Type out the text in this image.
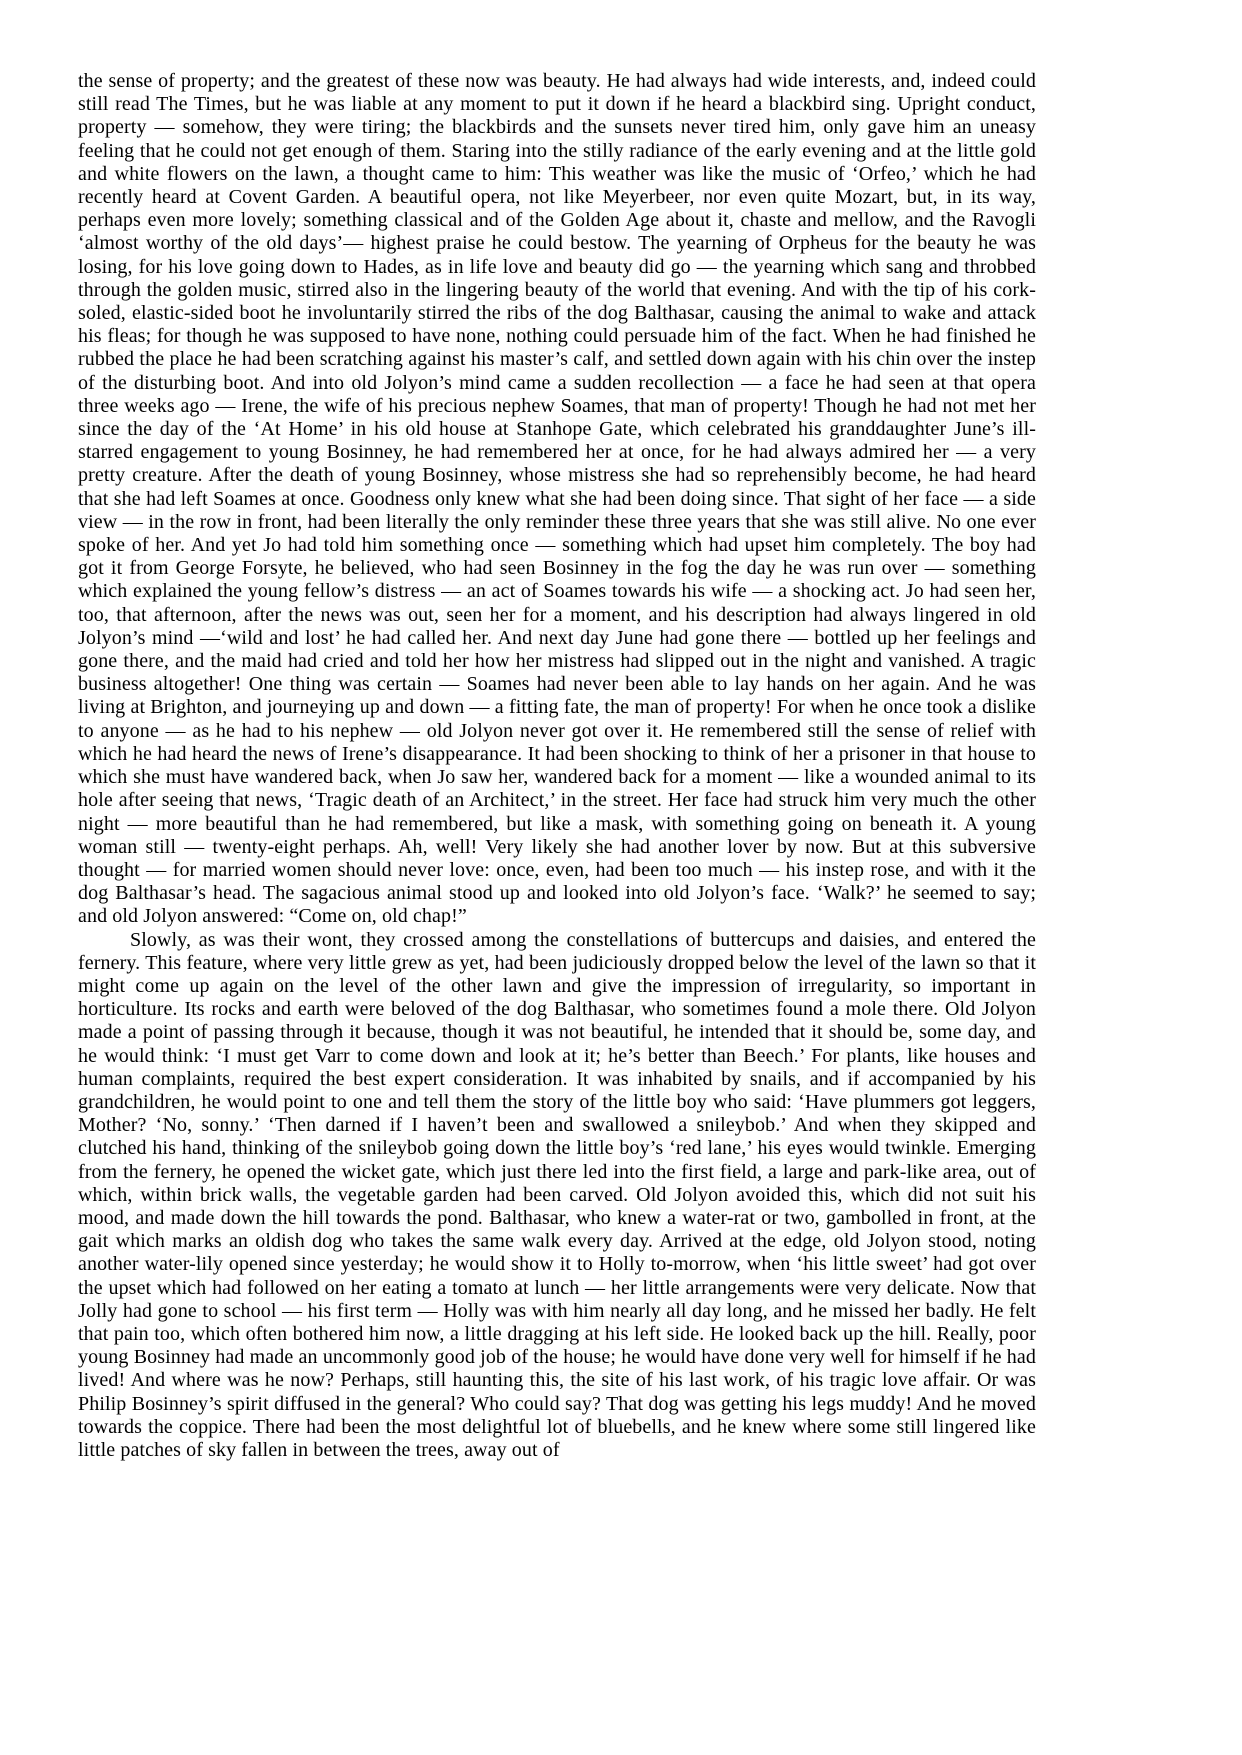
the sense of property; and the greatest of these now was beauty. He had always had wide interests, and, indeed could still read The Times, but he was liable at any moment to put it down if he heard a blackbird sing. Upright conduct, property — somehow, they were tiring; the blackbirds and the sunsets never tired him, only gave him an uneasy feeling that he could not get enough of them. Staring into the stilly radiance of the early evening and at the little gold and white flowers on the lawn, a thought came to him: This weather was like the music of ‘Orfeo,’ which he had recently heard at Covent Garden. A beautiful opera, not like Meyerbeer, nor even quite Mozart, but, in its way, perhaps even more lovely; something classical and of the Golden Age about it, chaste and mellow, and the Ravogli ‘almost worthy of the old days’— highest praise he could bestow. The yearning of Orpheus for the beauty he was losing, for his love going down to Hades, as in life love and beauty did go — the yearning which sang and throbbed through the golden music, stirred also in the lingering beauty of the world that evening. And with the tip of his cork-soled, elastic-sided boot he involuntarily stirred the ribs of the dog Balthasar, causing the animal to wake and attack his fleas; for though he was supposed to have none, nothing could persuade him of the fact. When he had finished he rubbed the place he had been scratching against his master’s calf, and settled down again with his chin over the instep of the disturbing boot. And into old Jolyon’s mind came a sudden recollection — a face he had seen at that opera three weeks ago — Irene, the wife of his precious nephew Soames, that man of property! Though he had not met her since the day of the ‘At Home’ in his old house at Stanhope Gate, which celebrated his granddaughter June’s ill-starred engagement to young Bosinney, he had remembered her at once, for he had always admired her — a very pretty creature. After the death of young Bosinney, whose mistress she had so reprehensibly become, he had heard that she had left Soames at once. Goodness only knew what she had been doing since. That sight of her face — a side view — in the row in front, had been literally the only reminder these three years that she was still alive. No one ever spoke of her. And yet Jo had told him something once — something which had upset him completely. The boy had got it from George Forsyte, he believed, who had seen Bosinney in the fog the day he was run over — something which explained the young fellow’s distress — an act of Soames towards his wife — a shocking act. Jo had seen her, too, that afternoon, after the news was out, seen her for a moment, and his description had always lingered in old Jolyon’s mind —‘wild and lost’ he had called her. And next day June had gone there — bottled up her feelings and gone there, and the maid had cried and told her how her mistress had slipped out in the night and vanished. A tragic business altogether! One thing was certain — Soames had never been able to lay hands on her again. And he was living at Brighton, and journeying up and down — a fitting fate, the man of property! For when he once took a dislike to anyone — as he had to his nephew — old Jolyon never got over it. He remembered still the sense of relief with which he had heard the news of Irene’s disappearance. It had been shocking to think of her a prisoner in that house to which she must have wandered back, when Jo saw her, wandered back for a moment — like a wounded animal to its hole after seeing that news, ‘Tragic death of an Architect,’ in the street. Her face had struck him very much the other night — more beautiful than he had remembered, but like a mask, with something going on beneath it. A young woman still — twenty-eight perhaps. Ah, well! Very likely she had another lover by now. But at this subversive thought — for married women should never love: once, even, had been too much — his instep rose, and with it the dog Balthasar’s head. The sagacious animal stood up and looked into old Jolyon’s face. ‘Walk?’ he seemed to say; and old Jolyon answered: “Come on, old chap!”

Slowly, as was their wont, they crossed among the constellations of buttercups and daisies, and entered the fernery. This feature, where very little grew as yet, had been judiciously dropped below the level of the lawn so that it might come up again on the level of the other lawn and give the impression of irregularity, so important in horticulture. Its rocks and earth were beloved of the dog Balthasar, who sometimes found a mole there. Old Jolyon made a point of passing through it because, though it was not beautiful, he intended that it should be, some day, and he would think: ‘I must get Varr to come down and look at it; he’s better than Beech.’ For plants, like houses and human complaints, required the best expert consideration. It was inhabited by snails, and if accompanied by his grandchildren, he would point to one and tell them the story of the little boy who said: ‘Have plummers got leggers, Mother? ‘No, sonny.’ ‘Then darned if I haven’t been and swallowed a snileybob.’ And when they skipped and clutched his hand, thinking of the snileybob going down the little boy’s ‘red lane,’ his eyes would twinkle. Emerging from the fernery, he opened the wicket gate, which just there led into the first field, a large and park-like area, out of which, within brick walls, the vegetable garden had been carved. Old Jolyon avoided this, which did not suit his mood, and made down the hill towards the pond. Balthasar, who knew a water-rat or two, gambolled in front, at the gait which marks an oldish dog who takes the same walk every day. Arrived at the edge, old Jolyon stood, noting another water-lily opened since yesterday; he would show it to Holly to-morrow, when ‘his little sweet’ had got over the upset which had followed on her eating a tomato at lunch — her little arrangements were very delicate. Now that Jolly had gone to school — his first term — Holly was with him nearly all day long, and he missed her badly. He felt that pain too, which often bothered him now, a little dragging at his left side. He looked back up the hill. Really, poor young Bosinney had made an uncommonly good job of the house; he would have done very well for himself if he had lived! And where was he now? Perhaps, still haunting this, the site of his last work, of his tragic love affair. Or was Philip Bosinney’s spirit diffused in the general? Who could say? That dog was getting his legs muddy! And he moved towards the coppice. There had been the most delightful lot of bluebells, and he knew where some still lingered like little patches of sky fallen in between the trees, away out of
